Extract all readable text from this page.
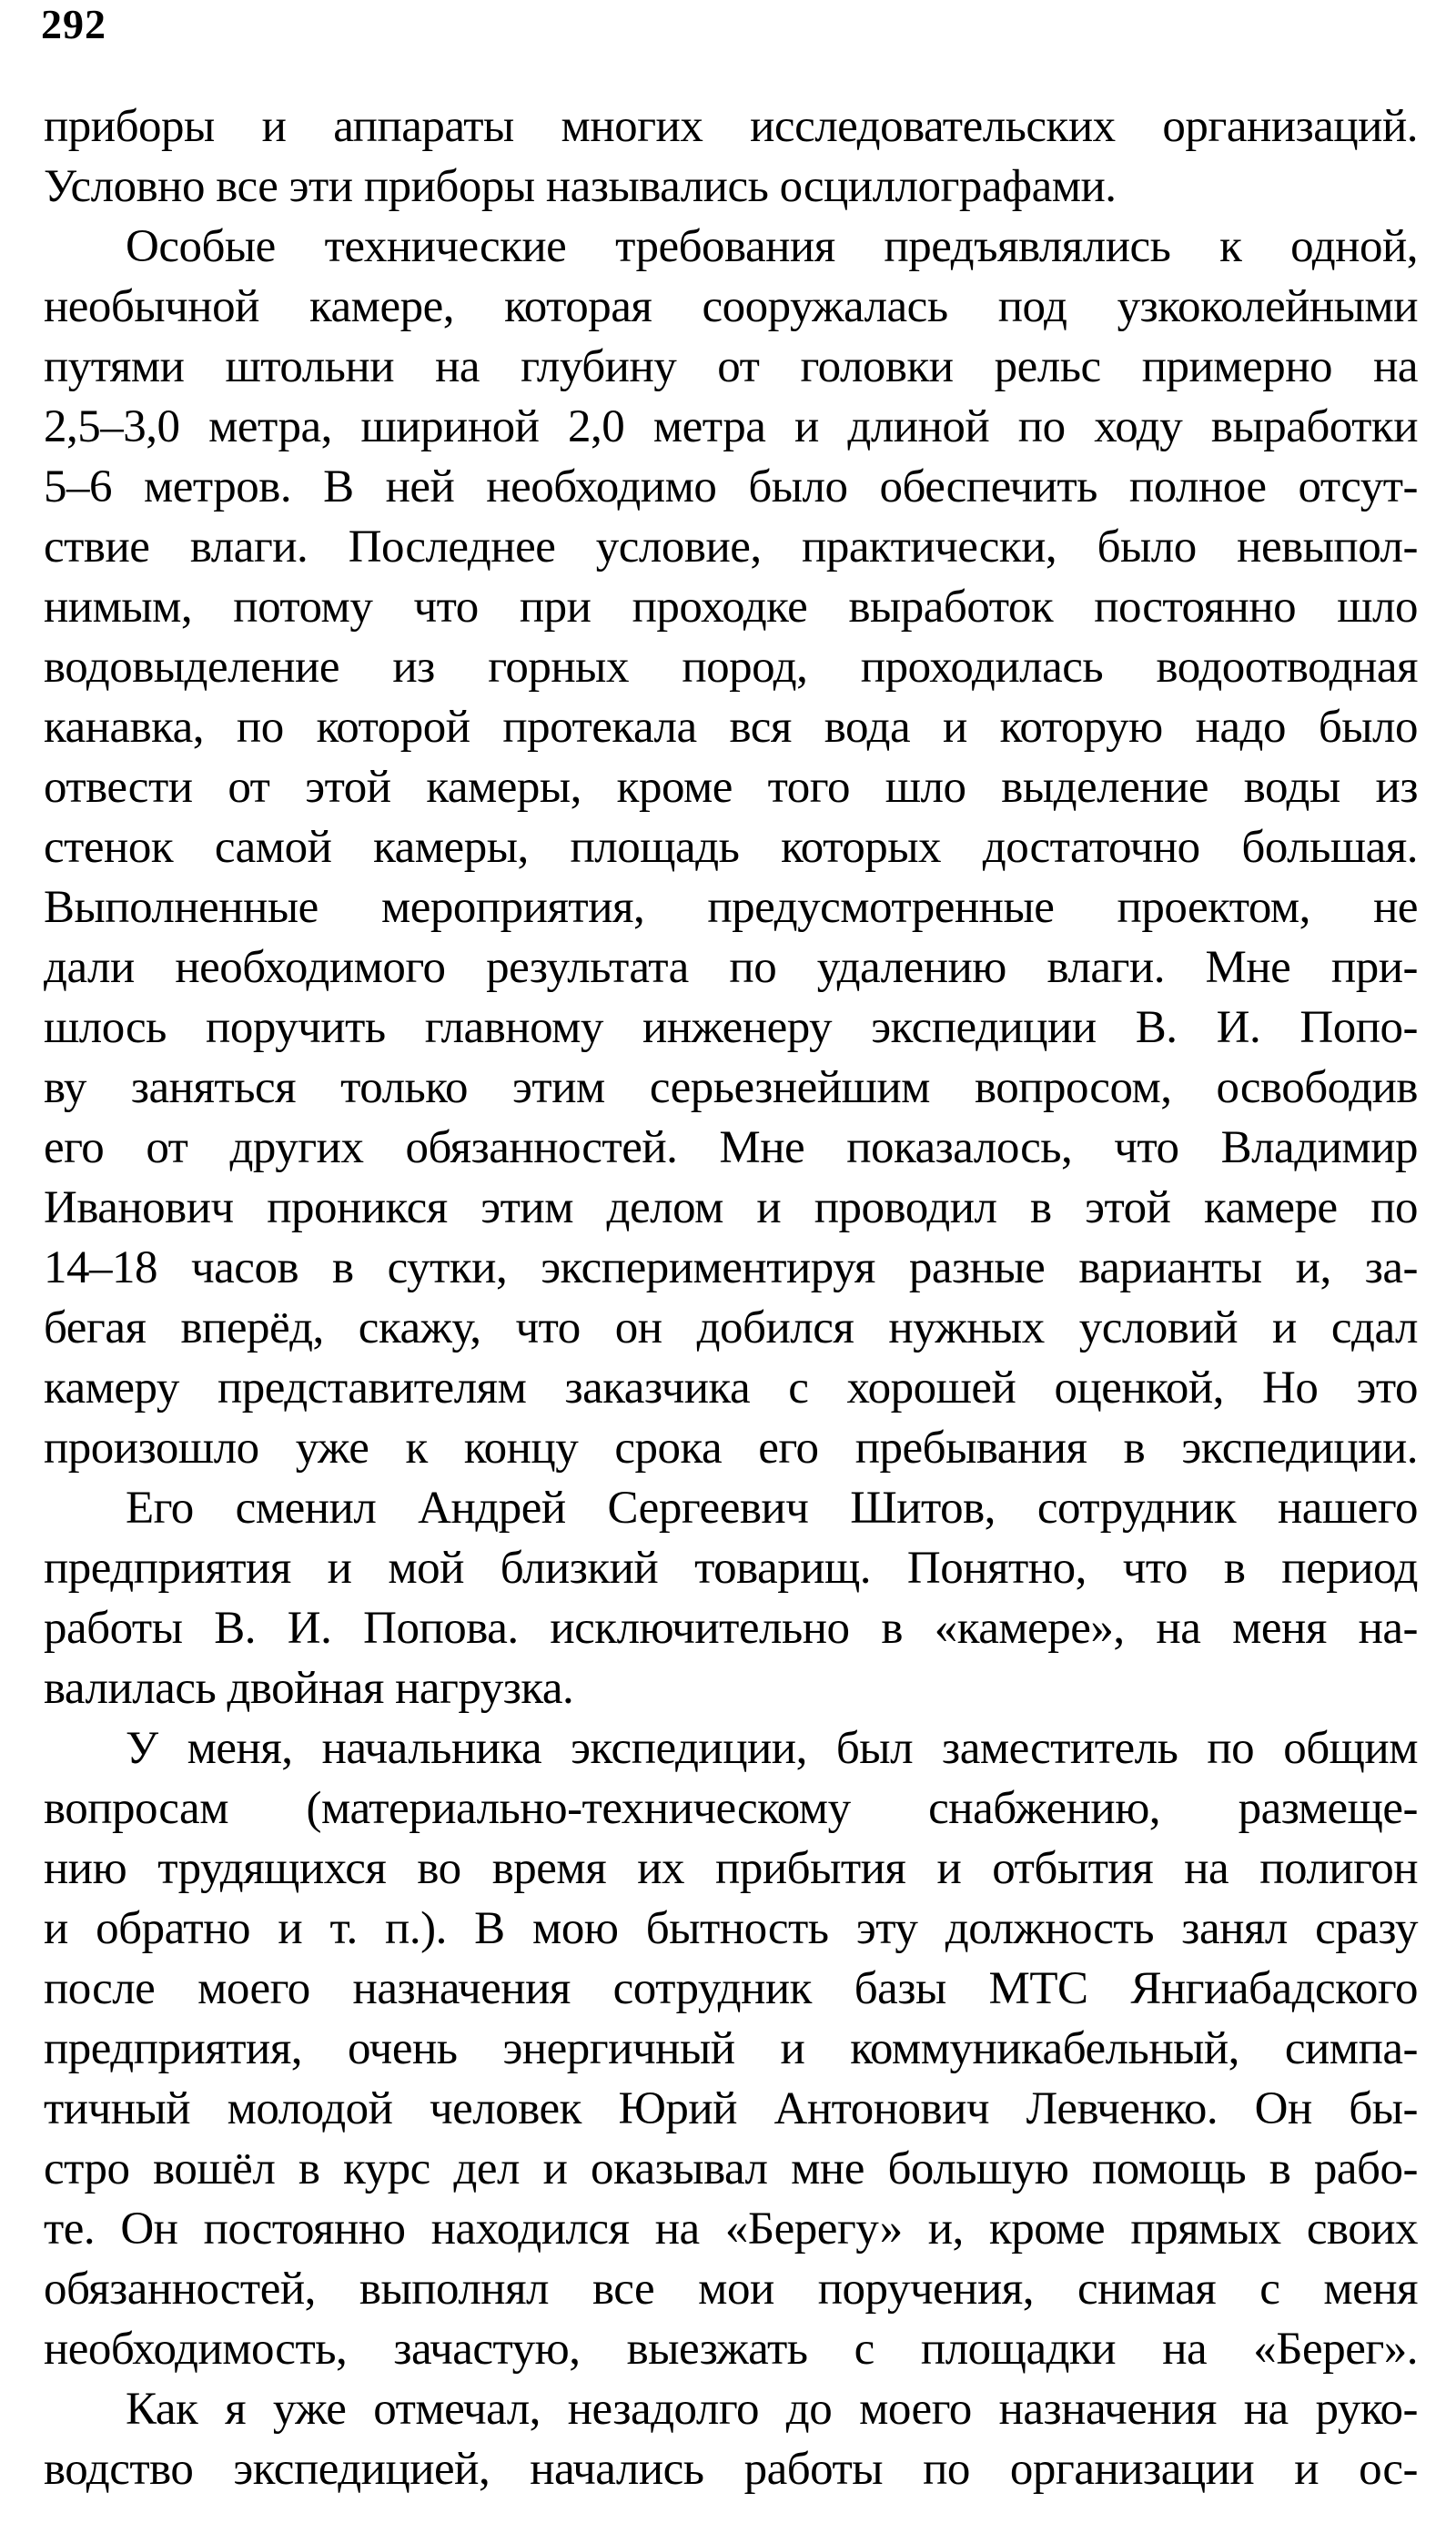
292
приборы и аппараты многих исследовательских организаций.
Условно все эти приборы назывались осциллографами.
Особые технические требования предъявлялись к одной,
необычной камере, которая сооружалась под узкоколейными
путями штольни на глубину от головки рельс примерно на
2,5–3,0 метра, шириной 2,0 метра и длиной по ходу выработки
5–6 метров. В ней необходимо было обеспечить полное отсут-
ствие влаги. Последнее условие, практически, было невыпол-
нимым, потому что при проходке выработок постоянно шло
водовыделение из горных пород, проходилась водоотводная
канавка, по которой протекала вся вода и которую надо было
отвести от этой камеры, кроме того шло выделение воды из
стенок самой камеры, площадь которых достаточно большая.
Выполненные мероприятия, предусмотренные проектом, не
дали необходимого результата по удалению влаги. Мне при-
шлось поручить главному инженеру экспедиции В. И. Попо-
ву заняться только этим серьезнейшим вопросом, освободив
его от других обязанностей. Мне показалось, что Владимир
Иванович проникся этим делом и проводил в этой камере по
14–18 часов в сутки, экспериментируя разные варианты и, за-
бегая вперёд, скажу, что он добился нужных условий и сдал
камеру представителям заказчика с хорошей оценкой, Но это
произошло уже к концу срока его пребывания в экспедиции.
Его сменил Андрей Сергеевич Шитов, сотрудник нашего
предприятия и мой близкий товарищ. Понятно, что в период
работы В. И. Попова. исключительно в «камере», на меня на-
валилась двойная нагрузка.
У меня, начальника экспедиции, был заместитель по общим
вопросам (материально-техническому снабжению, размеще-
нию трудящихся во время их прибытия и отбытия на полигон
и обратно и т. п.). В мою бытность эту должность занял сразу
после моего назначения сотрудник базы МТС Янгиабадского
предприятия, очень энергичный и коммуникабельный, симпа-
тичный молодой человек Юрий Антонович Левченко. Он бы-
стро вошёл в курс дел и оказывал мне большую помощь в рабо-
те. Он постоянно находился на «Берегу» и, кроме прямых своих
обязанностей, выполнял все мои поручения, снимая с меня
необходимость, зачастую, выезжать с площадки на «Берег».
Как я уже отмечал, незадолго до моего назначения на руко-
водство экспедицией, начались работы по организации и ос-
